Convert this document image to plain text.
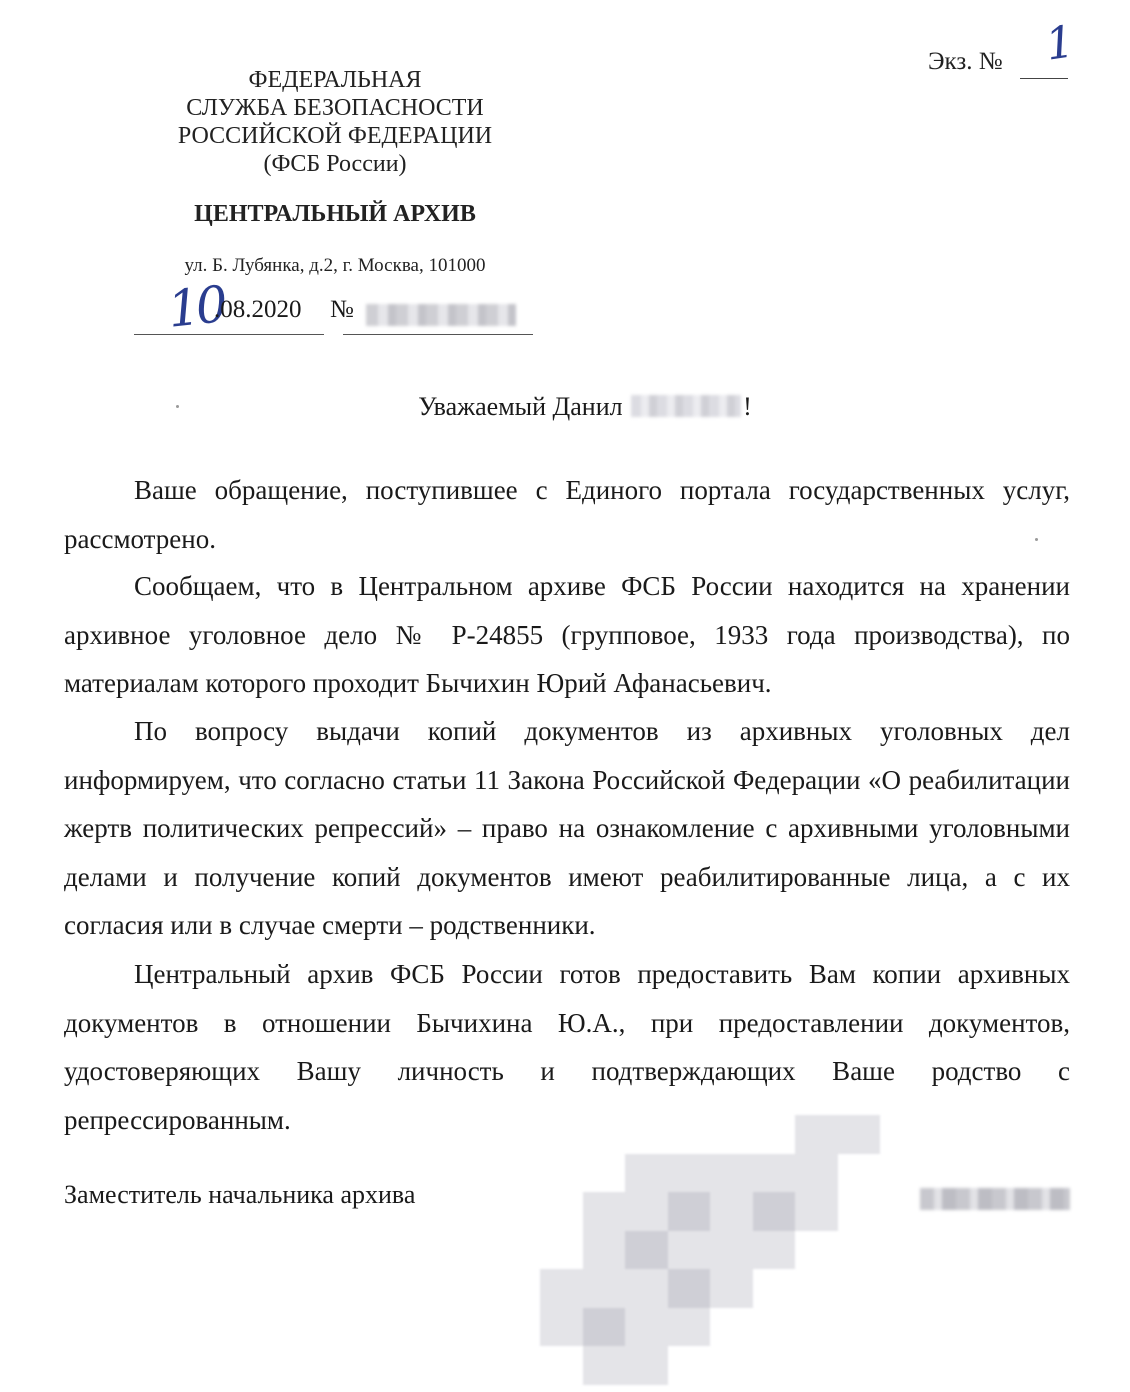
ФЕДЕРАЛЬНАЯ
СЛУЖБА БЕЗОПАСНОСТИ
РОССИЙСКОЙ ФЕДЕРАЦИИ
(ФСБ России)
ЦЕНТРАЛЬНЫЙ АРХИВ
ул. Б. Лубянка, д.2, г. Москва, 101000
Экз. № 1
10
.08.2020 №
Уважаемый Данил	!

Ваше обращение, поступившее с Единого портала государственных услуг, рассмотрено.

Сообщаем, что в Центральном архиве ФСБ России находится на хранении архивное уголовное дело № Р-24855 (групповое, 1933 года производства), по материалам которого проходит Бычихин Юрий Афанасьевич.

По вопросу выдачи копий документов из архивных уголовных дел информируем, что согласно статьи 11 Закона Российской Федерации «О реабилитации жертв политических репрессий» – право на ознакомление с архивными уголовными делами и получение копий документов имеют реабилитированные лица, а с их согласия или в случае смерти – родственники.

Центральный архив ФСБ России готов предоставить Вам копии архивных документов в отношении Бычихина Ю.А., при предоставлении документов, удостоверяющих Вашу личность и подтверждающих Ваше родство с репрессированным.

Заместитель начальника архива
